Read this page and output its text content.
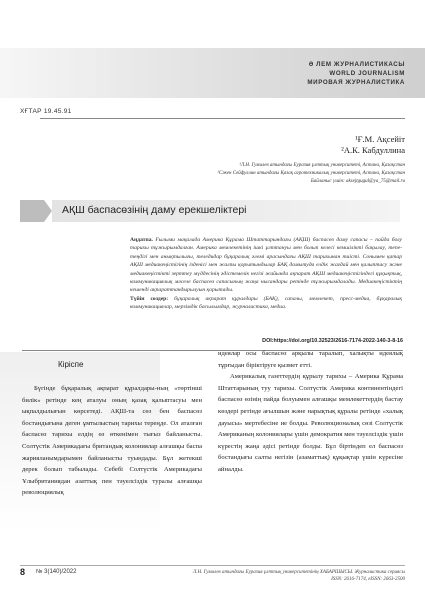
Ә ЛЕМ ЖУРНАЛИСТИКАСЫ
WORLD JOURNALISM
МИРОВАЯ ЖУРНАЛИСТИКА
ХҒТАР 19.45.91
¹Ғ.М. Ақсейіт
²А.К. Кабдуллина
¹Л.Н. Гумилев атындағы Еуразия ұлттық университеті, Астана, Қазақстан
²Сәкен Сейфуллин атындағы Қазақ агротехникалық университеті, Астана, Қазақстан
Байланыс үшін: aksejtgugul@ya_75@mail.ru
АҚШ баспасөзінің даму ерекшеліктері
Аңдатпа. Ғылыми мақалада Америка Құрама Штаттарындағы (АҚШ) баспасөз даму сапасы – пайда болу тарихы тұжырымдалған. Америка мемлекетінің ішкі ұлттануы мен болып келесі кемшілікті бақылау, тепе-теңдігі мен анықтылығы, теледидар бұқаралық әлемі арасындағы АҚШ тарихынан тиісті. Сонымен қатар АҚШ медиакеңістігінің ізденісі мен жалпы қорытындылар БАҚ дамытуда елдік жағдай мен қалыптасу және медиакеңістікті зерттеу мүддесінің әдістемелік негізі жайында ақпарат АҚШ медиакеңістігіндегі құқықтық, коммуникациялық мәселе баспасөз сапасының жаңа нысандары ретінде тұжырымдалады. Медиакеңістіктің кешенді ақпараттандырылуын қорытады.
Түйін сөздер: бұқаралық ақпарат құралдары (БАҚ), сапалы, мемлекет, пресс-медиа, бұқаралық коммуникациялар, мерзімдік басылымдар, журналистика, медиа.
DOI:https://doi.org/10.32523/2616-7174-2022-140-3-8-16
Кіріспе

Бүгінде бұқаралық ақпарат құралдары-ның «төртінші билік» ретінде кең аталуы оның қазақ қалыптасуы мен ықпалдылығын көрсетеді. АҚШ-та сөз бен баспасөз бостандығына деген ұмтылыстың тарихы тереңде. Ол аталған баспасөз тарихы елдің өз өткенімен тығыз байланысты. Солтүстік Америкадағы британдық колониялар алғашқы баспа жарияланымдарымен байланысты туындады. Бұл жетекші дерек болып табылады. Себебі Солтүстік Америкадағы Ұлыбританиядан азаттық пен тәуелсіздік туралы алғашқы революциялық

идеялар осы баспасөз арқылы таралып, халықты идеялық тұрғыдан біріктіруге қызмет етті.

Америкалық газеттердің құрылу тарихы – Америка Құрама Штаттарының туу тарихы. Солтүстік Америка континентіндегі баспасөз өзінің пайда болуымен алғашқы мемлекеттердің бастау көздері ретінде ағылшын және нарықтық құралы ретінде «халық дауысы» мертебесіне ие болды. Революционалық сөзі Солтүстік Американың колониялары үшін демократия мен тәуелсіздік үшін күрестің жаңа әдісі ретінде болды. Бұл біртіндеп ел баспасөз бостандығы салты негізін (азаматтық) құқықтар үшін күресіне айналды.

8 № 3(140)/2022	Л.Н. Гумилев атындағы Еуразия ұлттық университетінің ХАБАРШЫСЫ. Журналистика сериясы
ISSN: 2616-7174, eISSN: 2663-2500
